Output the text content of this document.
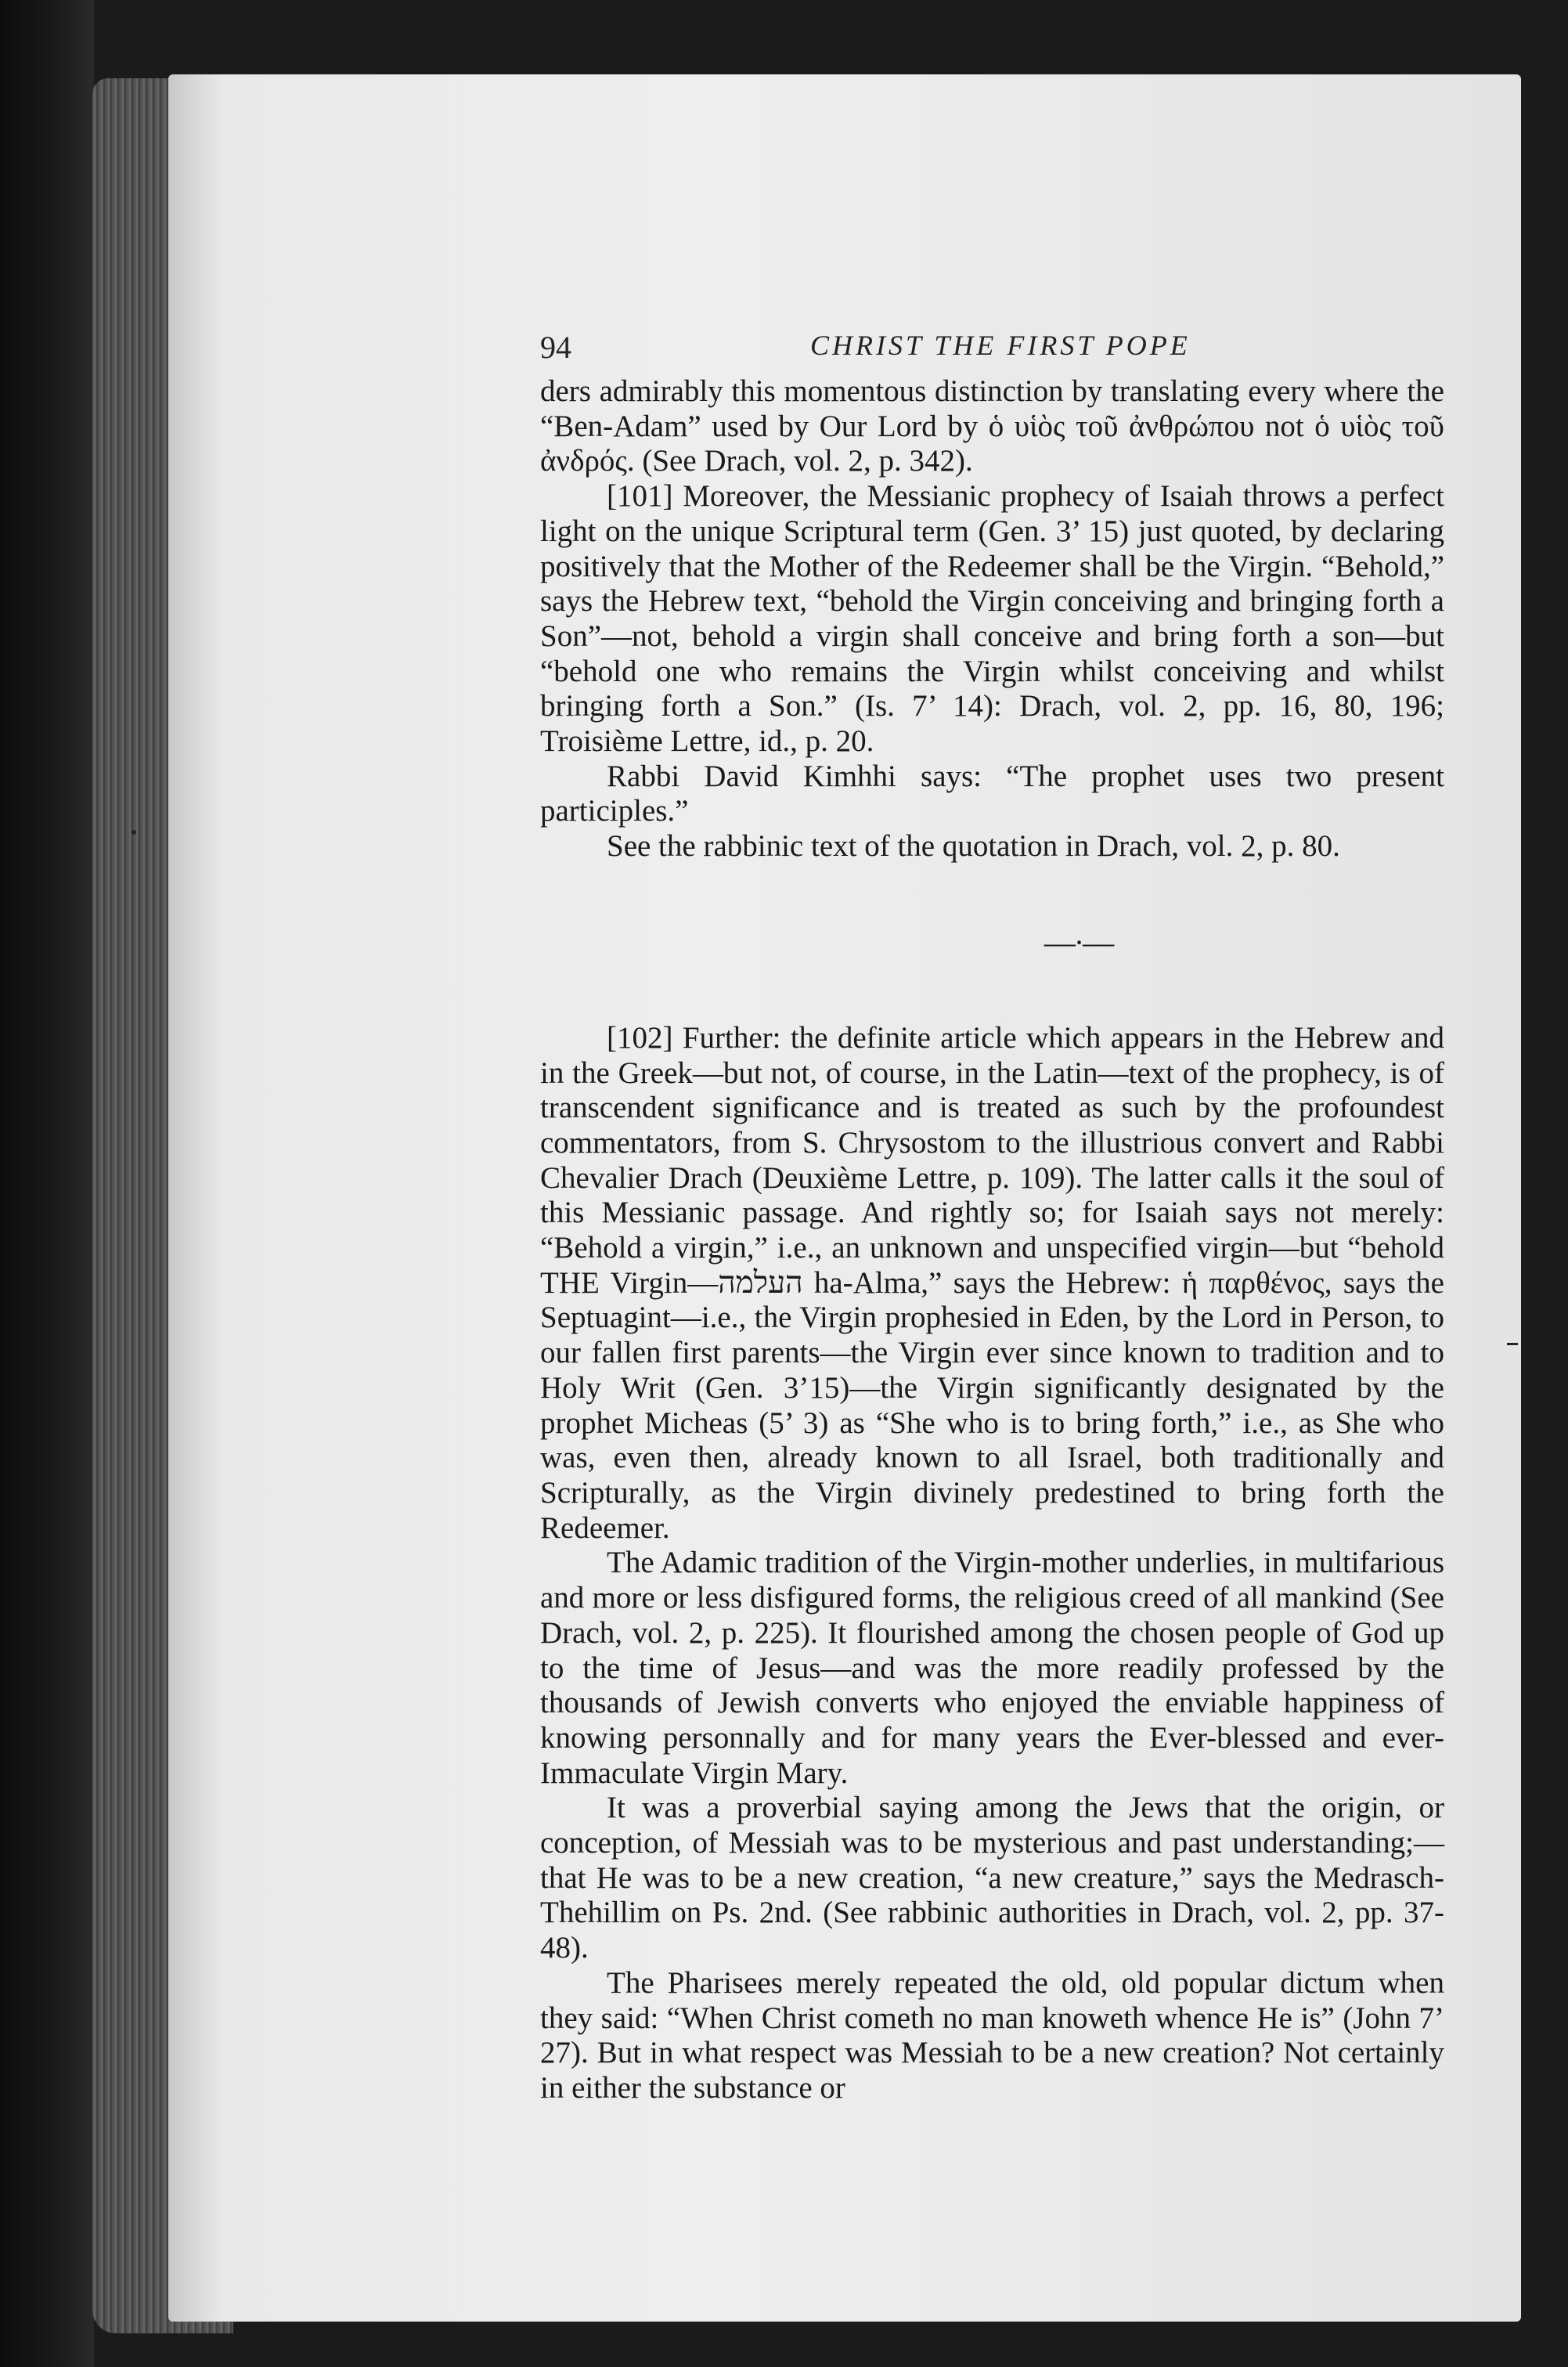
94	CHRIST THE FIRST POPE

ders admirably this momentous distinction by translating every where the “Ben-Adam” used by Our Lord by ὁ υἱὸς τοῦ ἀνθρώπου not ὁ υἱὸς τοῦ ἀνδρός. (See Drach, vol. 2, p. 342).

[101] Moreover, the Messianic prophecy of Isaiah throws a perfect light on the unique Scriptural term (Gen. 3’ 15) just quoted, by declaring positively that the Mother of the Redeemer shall be the Virgin. “Behold,” says the Hebrew text, “behold the Virgin conceiving and bringing forth a Son”—not, behold a virgin shall conceive and bring forth a son—but “behold one who remains the Virgin whilst conceiving and whilst bringing forth a Son.” (Is. 7’ 14): Drach, vol. 2, pp. 16, 80, 196; Troisième Lettre, id., p. 20.

Rabbi David Kimhhi says: “The prophet uses two present participles.”

See the rabbinic text of the quotation in Drach, vol. 2, p. 80.

—·—

[102] Further: the definite article which appears in the Hebrew and in the Greek—but not, of course, in the Latin—text of the prophecy, is of transcendent significance and is treated as such by the profoundest commentators, from S. Chrysostom to the illustrious convert and Rabbi Chevalier Drach (Deuxième Lettre, p. 109). The latter calls it the soul of this Messianic passage. And rightly so; for Isaiah says not merely: “Behold a virgin,” i.e., an unknown and unspecified virgin—but “behold THE Virgin—העלמה ha-Alma,” says the Hebrew: ἡ παρθένος, says the Septuagint—i.e., the Virgin prophesied in Eden, by the Lord in Person, to our fallen first parents—the Virgin ever since known to tradition and to Holy Writ (Gen. 3’15)—the Virgin significantly designated by the prophet Micheas (5’ 3) as “She who is to bring forth,” i.e., as She who was, even then, already known to all Israel, both traditionally and Scripturally, as the Virgin divinely predestined to bring forth the Redeemer.

The Adamic tradition of the Virgin-mother underlies, in multifarious and more or less disfigured forms, the religious creed of all mankind (See Drach, vol. 2, p. 225). It flourished among the chosen people of God up to the time of Jesus—and was the more readily professed by the thousands of Jewish converts who enjoyed the enviable happiness of knowing personnally and for many years the Ever-blessed and ever-Immaculate Virgin Mary.

It was a proverbial saying among the Jews that the origin, or conception, of Messiah was to be mysterious and past understanding;—that He was to be a new creation, “a new creature,” says the Medrasch-Thehillim on Ps. 2nd. (See rabbinic authorities in Drach, vol. 2, pp. 37-48).

The Pharisees merely repeated the old, old popular dictum when they said: “When Christ cometh no man knoweth whence He is” (John 7’ 27). But in what respect was Messiah to be a new creation? Not certainly in either the substance or
